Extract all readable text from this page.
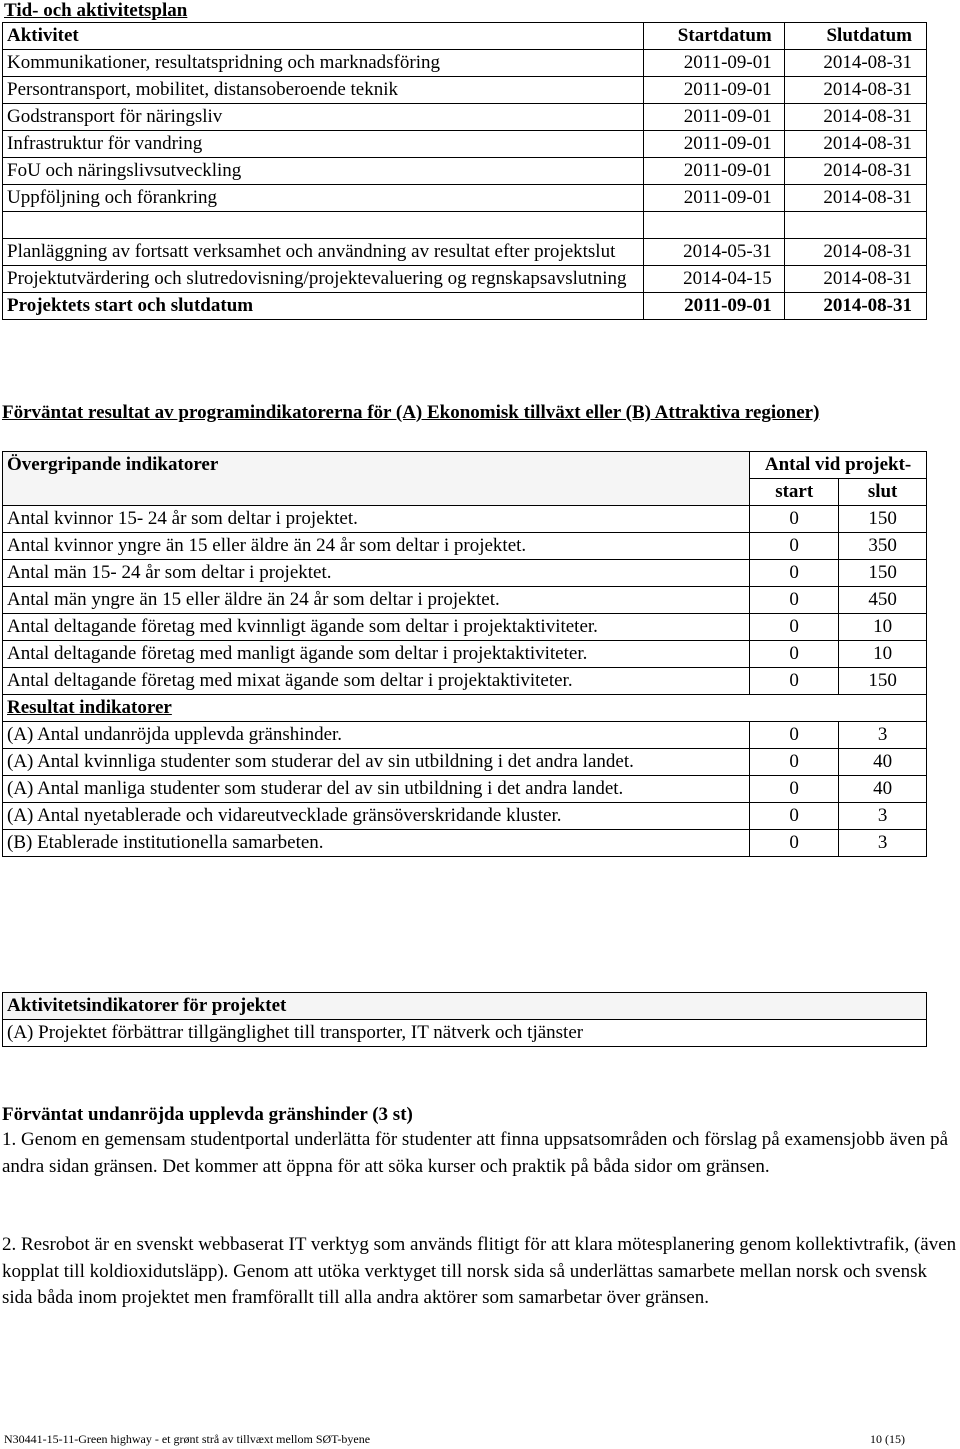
Tid- och aktivitetsplan
Aktivitet	Startdatum	Slutdatum
Kommunikationer, resultatspridning och marknadsföring	2011-09-01	2014-08-31
Persontransport, mobilitet, distansoberoende teknik	2011-09-01	2014-08-31
Godstransport för näringsliv	2011-09-01	2014-08-31
Infrastruktur för vandring	2011-09-01	2014-08-31
FoU och näringslivsutveckling	2011-09-01	2014-08-31
Uppföljning och förankring	2011-09-01	2014-08-31

Planläggning av fortsatt verksamhet och användning av resultat efter projektslut	2014-05-31	2014-08-31
Projektutvärdering och slutredovisning/projektevaluering og regnskapsavslutning	2014-04-15	2014-08-31
Projektets start och slutdatum	2011-09-01	2014-08-31
Förväntat resultat av programindikatorerna för (A) Ekonomisk tillväxt eller (B) Attraktiva regioner)
Övergripande indikatorer	Antal vid projekt-	
	start	slut
Antal kvinnor 15- 24 år som deltar i projektet.	0	150
Antal kvinnor yngre än 15 eller äldre än 24 år som deltar i projektet.	0	350
Antal män 15- 24 år som deltar i projektet.	0	150
Antal män yngre än 15 eller äldre än 24 år som deltar i projektet.	0	450
Antal deltagande företag med kvinnligt ägande som deltar i projektaktiviteter.	0	10
Antal deltagande företag med manligt ägande som deltar i projektaktiviteter.	0	10
Antal deltagande företag med mixat ägande som deltar i projektaktiviteter.	0	150
Resultat indikatorer		
(A) Antal undanröjda upplevda gränshinder.	0	3
(A) Antal kvinnliga studenter som studerar del av sin utbildning i det andra landet.	0	40
(A) Antal manliga studenter som studerar del av sin utbildning i det andra landet.	0	40
(A) Antal nyetablerade och vidareutvecklade gränsöverskridande kluster.	0	3
(B) Etablerade institutionella samarbeten.	0	3
Aktivitetsindikatorer för projektet
(A) Projektet förbättrar tillgänglighet till transporter, IT nätverk och tjänster
Förväntat undanröjda upplevda gränshinder (3 st)
1. Genom en gemensam studentportal underlätta för studenter att finna uppsatsområden och förslag på examensjobb även på andra sidan gränsen. Det kommer att öppna för att söka kurser och praktik på båda sidor om gränsen.
2. Resrobot är en svenskt webbaserat IT verktyg som används flitigt för att klara mötesplanering genom kollektivtrafik, (även kopplat till koldioxidutsläpp). Genom att utöka verktyget till norsk sida så underlättas samarbete mellan norsk och svensk sida båda inom projektet men framförallt till alla andra aktörer som samarbetar över gränsen.
N30441-15-11-Green highway - et grønt strå av tillvæxt mellom SØT-byene	10 (15)
